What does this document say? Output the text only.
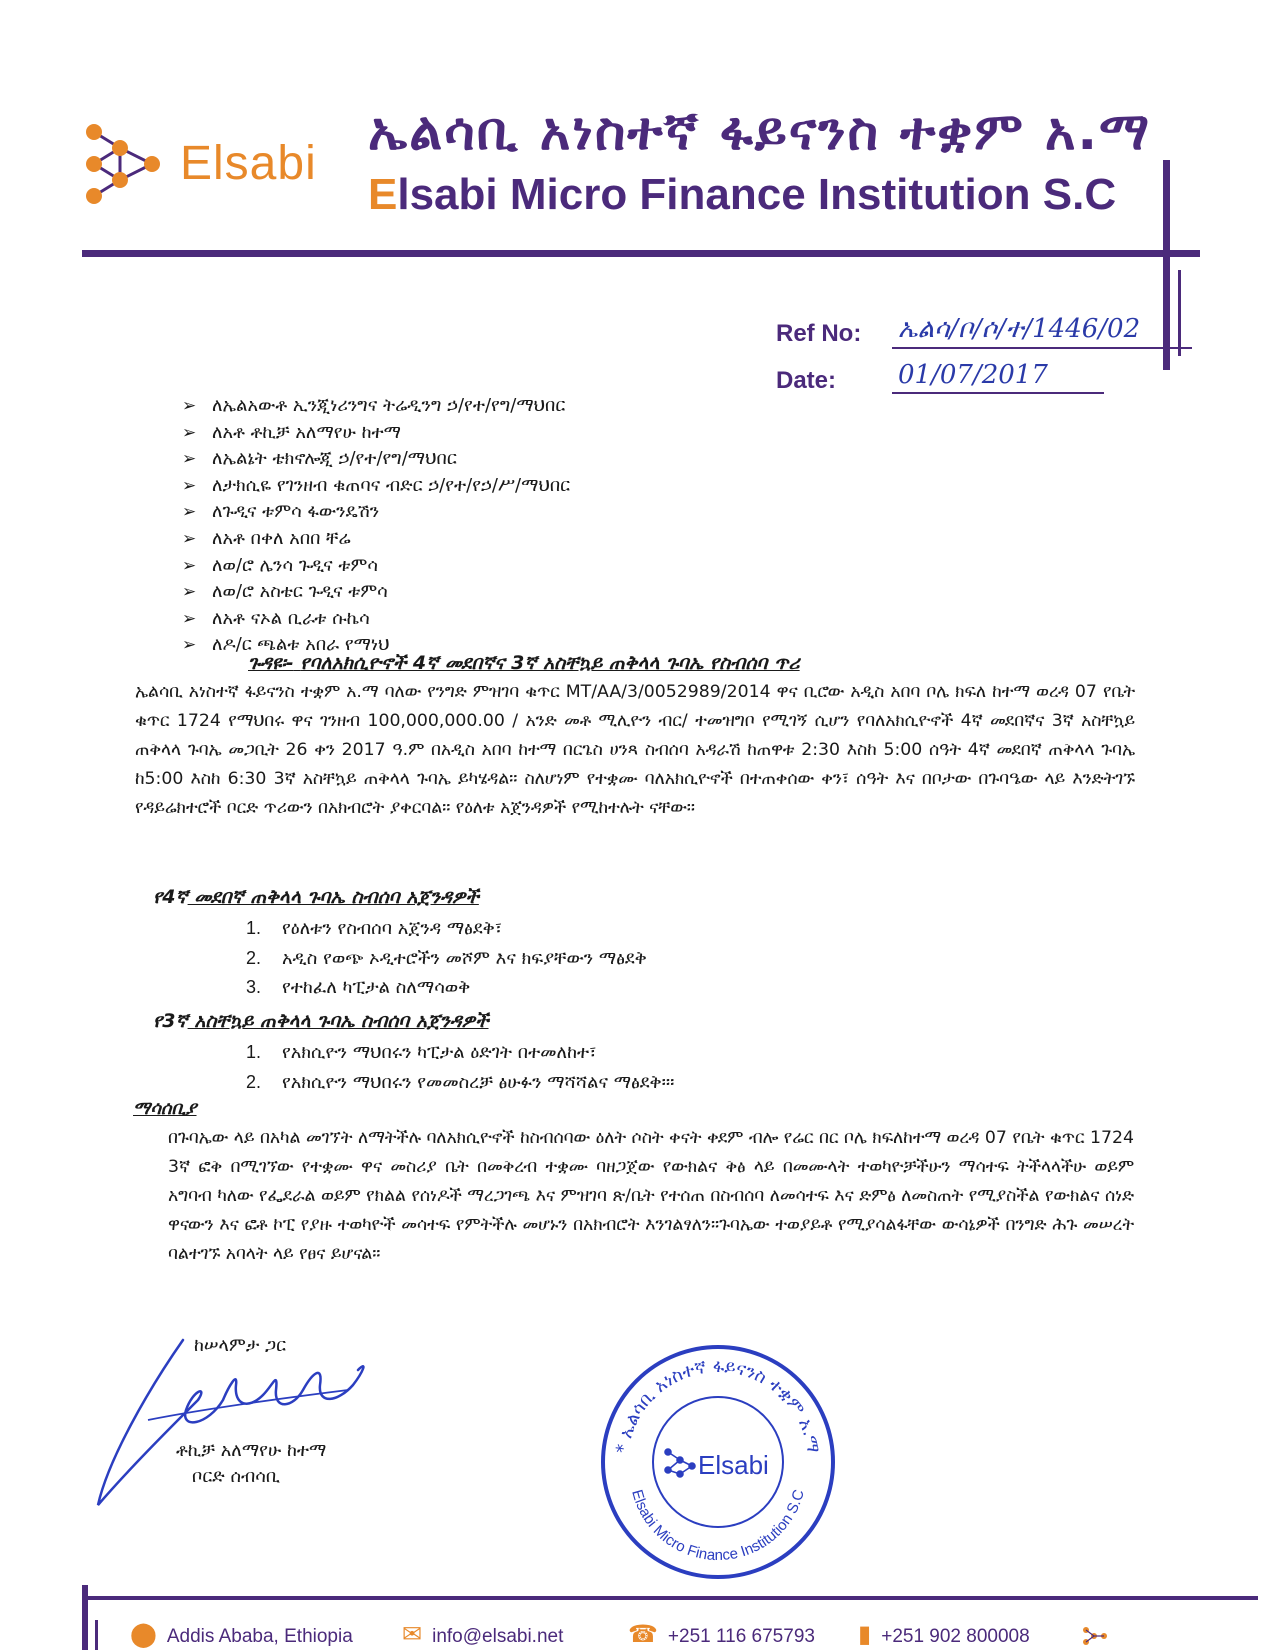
Elsabi
ኤልሳቢ አነስተኛ ፋይናንስ ተቋም አ.ማ
Elsabi Micro Finance Institution S.C
Ref No: ኤልሳ/ቦ/ሶ/ተ/1446/02
Date: 01/07/2017
➢ ለኤልአውቶ ኢንጂነሪንግና ትሬዲንግ ኃ/የተ/የግ/ማህበር
➢ ለአቶ ቶኪቻ አለማየሁ ከተማ
➢ ለኤልኔት ቴክኖሎጂ ኃ/የተ/የግ/ማህበር
➢ ለታክሲዬ የገንዘብ ቁጠባና ብድር ኃ/የተ/የኃ/ሥ/ማህበር
➢ ለጉዲና ቱምሳ ፋውንዴሽን
➢ ለአቶ በቀለ አበበ ቸሬ
➢ ለወ/ሮ ሌንሳ ጉዲና ቱምሳ
➢ ለወ/ሮ አስቴር ጉዲና ቱምሳ
➢ ለአቶ ናኦል ቢራቱ ሱኬሳ
➢ ለዶ/ር ጫልቱ አበራ የማነህ
ጉዳዩ፡- የባለአክሲዮኖች 4ኛ መደበኛና 3ኛ አስቸኳይ ጠቅላላ ጉባኤ የስብሰባ ጥሪ
ኤልሳቢ አነስተኛ ፋይናንስ ተቋም አ.ማ ባለው የንግድ ምዝገባ ቁጥር MT/AA/3/0052989/2014 ዋና ቢሮው አዲስ አበባ ቦሌ ክፍለ ከተማ ወረዳ 07 የቤት ቁጥር 1724 የማህበሩ ዋና ገንዘብ 100,000,000.00 / አንድ መቶ ሚሊዮን ብር/ ተመዝግቦ የሚገኝ ሲሆን የባለአክሲዮኖች 4ኛ መደበኛና 3ኛ አስቸኳይ ጠቅላላ ጉባኤ መጋቢት 26 ቀን 2017 ዓ.ም በአዲስ አበባ ከተማ በርጌስ ሀንጻ ስብሰባ አዳራሽ ከጠዋቱ 2:30 እስከ 5:00 ሰዓት 4ኛ መደበኛ ጠቅላላ ጉባኤ ከ5:00 እስከ 6:30 3ኛ አስቸኳይ ጠቅላላ ጉባኤ ይካሄዳል፡፡ ስለሆነም የተቋሙ ባለአክሲዮኖች በተጠቀሰው ቀን፣ ሰዓት እና በቦታው በጉባዔው ላይ እንድትገኙ የዳይሬክተሮች ቦርድ ጥሪውን በአክብሮት ያቀርባል፡፡ የዕለቱ አጀንዳዎች የሚከተሉት ናቸው፡፡
የ4ኛ መደበኛ ጠቅላላ ጉባኤ ስብሰባ አጀንዳዎች
1. የዕለቱን የስብሰባ አጀንዳ ማፅደቅ፣
2. አዲስ የወጭ ኦዲተሮችን መሾም እና ክፍያቸውን ማፅደቅ
3. የተከፈለ ካፒታል ስለማሳወቅ
የ3ኛ አስቸኳይ ጠቅላላ ጉባኤ ስብሰባ አጀንዳዎች
1. የአክሲዮን ማህበሩን ካፒታል ዕድገት በተመለከተ፣
2. የአክሲዮን ማህበሩን የመመስረቻ ፅሁፉን ማሻሻልና ማፅደቅ፡፡፡
ማሳሰቢያ
በጉባኤው ላይ በአካል መገኘት ለማትችሉ ባለአክሲዮኖች ከስብሰባው ዕለት ሶስት ቀናት ቀደም ብሎ የሬር በር ቦሌ ክፍለከተማ ወረዳ 07 የቤት ቁጥር 1724 3ኛ ፎቅ በሚገኘው የተቋሙ ዋና መስሪያ ቤት በመቅረብ ተቋሙ ባዘጋጀው የውክልና ቅፅ ላይ በመሙላት ተወካዮቻችሁን ማሳተፍ ትችላላችሁ ወይም አግባብ ካለው የፌደራል ወይም የክልል የሰነዶች ማረጋገጫ እና ምዝገባ ጽ/ቤት የተሰጠ በስብሰባ ለመሳተፍ እና ድምፅ ለመስጠት የሚያስችል የውክልና ሰነድ ዋናውን እና ፎቶ ኮፒ የያዙ ተወካዮች መሳተፍ የምትችሉ መሆኑን በአክብሮት እንገልፃለን፡፡ጉባኤው ተወያይቶ የሚያሳልፋቸው ውሳኔዎች በንግድ ሕጉ መሠረት ባልተገኙ አባላት ላይ የፀና ይሆናል፡፡
ከሠላምታ ጋር
ቶኪቻ አለማየሁ ከተማ
ቦርድ ሰብሳቢ
* ኤልሳቢ አነስተኛ ፋይናንስ ተቋም አ.ማ
Elsabi Micro Finance Institution S.C
Elsabi
⬤ Addis Ababa, Ethiopia ✉ info@elsabi.net	☎ +251 116 675793 ▮ +251 902 800008
